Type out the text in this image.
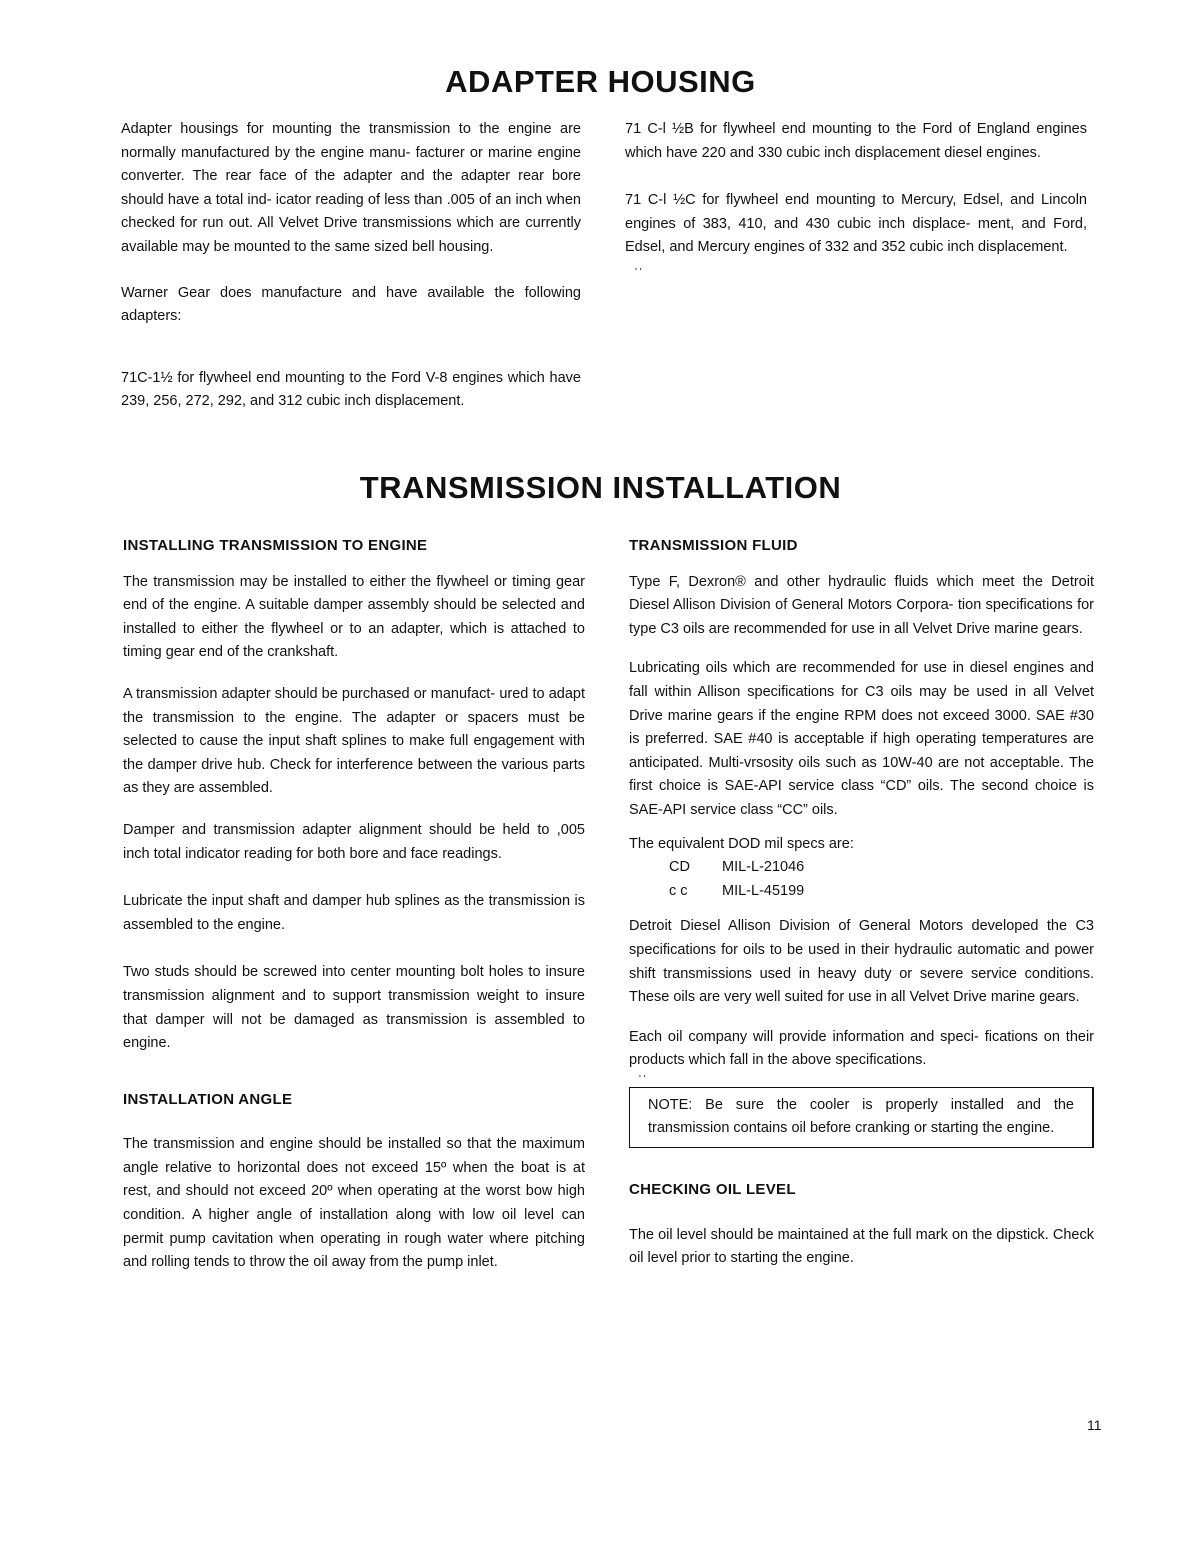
ADAPTER HOUSING

Adapter housings for mounting the transmission to the engine are normally manufactured by the engine manu- facturer or marine engine converter. The rear face of the adapter and the adapter rear bore should have a total ind- icator reading of less than .005 of an inch when checked for run out. All Velvet Drive transmissions which are currently available may be mounted to the same sized bell housing.

Warner Gear does manufacture and have available the following adapters:

71C-1½ for flywheel end mounting to the Ford V-8 engines which have 239, 256, 272, 292, and 312 cubic inch displacement.

71 C-l ½B for flywheel end mounting to the Ford of England engines which have 220 and 330 cubic inch displacement diesel engines.

71 C-l ½C for flywheel end mounting to Mercury, Edsel, and Lincoln engines of 383, 410, and 430 cubic inch displace- ment, and Ford, Edsel, and Mercury engines of 332 and 352 cubic inch displacement.

' '
TRANSMISSION INSTALLATION
INSTALLING TRANSMISSION TO ENGINE

The transmission may be installed to either the flywheel or timing gear end of the engine. A suitable damper assembly should be selected and installed to either the flywheel or to an adapter, which is attached to timing gear end of the crankshaft.

A transmission adapter should be purchased or manufact- ured to adapt the transmission to the engine. The adapter or spacers must be selected to cause the input shaft splines to make full engagement with the damper drive hub. Check for interference between the various parts as they are assembled.

Damper and transmission adapter alignment should be held to ,005 inch total indicator reading for both bore and face readings.

Lubricate the input shaft and damper hub splines as the transmission is assembled to the engine.

Two studs should be screwed into center mounting bolt holes to insure transmission alignment and to support transmission weight to insure that damper will not be damaged as transmission is assembled to engine.

INSTALLATION ANGLE

The transmission and engine should be installed so that the maximum angle relative to horizontal does not exceed 15º when the boat is at rest, and should not exceed 20º when operating at the worst bow high condition. A higher angle of installation along with low oil level can permit pump cavitation when operating in rough water where pitching and rolling tends to throw the oil away from the pump inlet.

TRANSMISSION FLUID

Type F, Dexron® and other hydraulic fluids which meet the Detroit Diesel Allison Division of General Motors Corpora- tion specifications for type C3 oils are recommended for use in all Velvet Drive marine gears.

Lubricating oils which are recommended for use in diesel engines and fall within Allison specifications for C3 oils may be used in all Velvet Drive marine gears if the engine RPM does not exceed 3000. SAE #30 is preferred. SAE #40 is acceptable if high operating temperatures are anticipated. Multi-vrsosity oils such as 10W-40 are not acceptable. The first choice is SAE-API service class “CD” oils. The second choice is SAE-API service class “CC” oils.

The equivalent DOD mil specs are:

CD	MIL-L-21046
c c	MIL-L-45199

Detroit Diesel Allison Division of General Motors developed the C3 specifications for oils to be used in their hydraulic automatic and power shift transmissions used in heavy duty or severe service conditions. These oils are very well suited for use in all Velvet Drive marine gears.

Each oil company will provide information and speci- fications on their products which fall in the above specifications.

' '

NOTE: Be sure the cooler is properly installed and the transmission contains oil before cranking or starting the engine.

CHECKING OIL LEVEL

The oil level should be maintained at the full mark on the dipstick. Check oil level prior to starting the engine.

11
